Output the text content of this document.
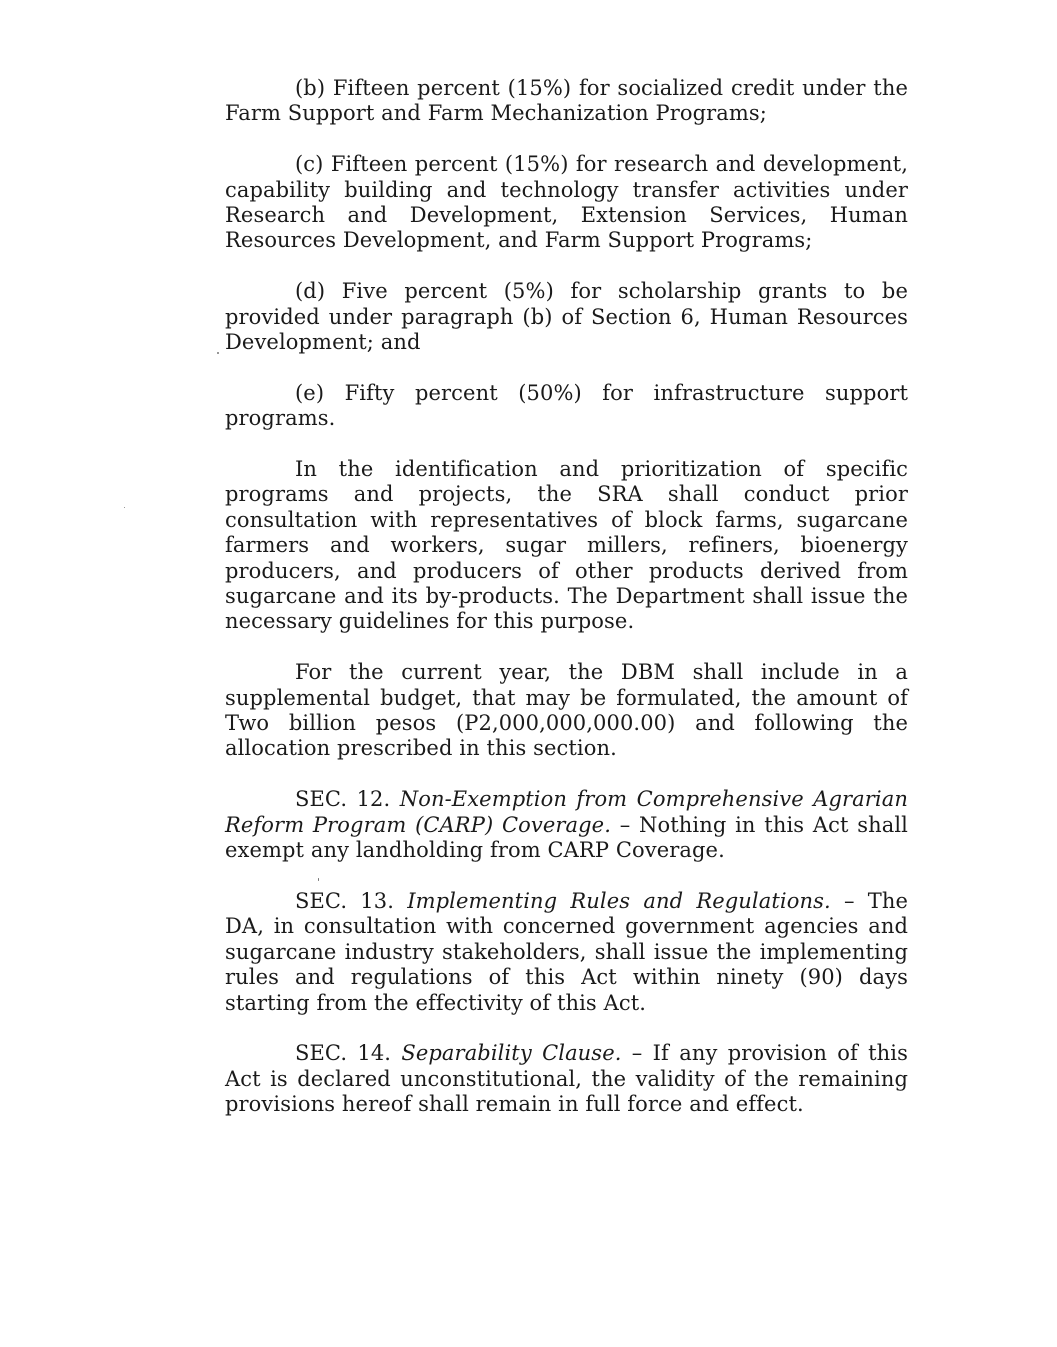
(b) Fifteen percent (15%) for socialized credit under the Farm Support and Farm Mechanization Programs;

(c) Fifteen percent (15%) for research and development, capability building and technology transfer activities under Research and Development, Extension Services, Human Resources Development, and Farm Support Programs;

(d) Five percent (5%) for scholarship grants to be provided under paragraph (b) of Section 6, Human Resources Development; and

(e) Fifty percent (50%) for infrastructure support programs.

In the identification and prioritization of specific programs and projects, the SRA shall conduct prior consultation with representatives of block farms, sugarcane farmers and workers, sugar millers, refiners, bioenergy producers, and producers of other products derived from sugarcane and its by-products. The Department shall issue the necessary guidelines for this purpose.

For the current year, the DBM shall include in a supplemental budget, that may be formulated, the amount of Two billion pesos (P2,000,000,000.00) and following the allocation prescribed in this section.

SEC. 12. Non-Exemption from Comprehensive Agrarian Reform Program (CARP) Coverage. – Nothing in this Act shall exempt any landholding from CARP Coverage.

SEC. 13. Implementing Rules and Regulations. – The DA, in consultation with concerned government agencies and sugarcane industry stakeholders, shall issue the implementing rules and regulations of this Act within ninety (90) days starting from the effectivity of this Act.

SEC. 14. Separability Clause. – If any provision of this Act is declared unconstitutional, the validity of the remaining provisions hereof shall remain in full force and effect.
